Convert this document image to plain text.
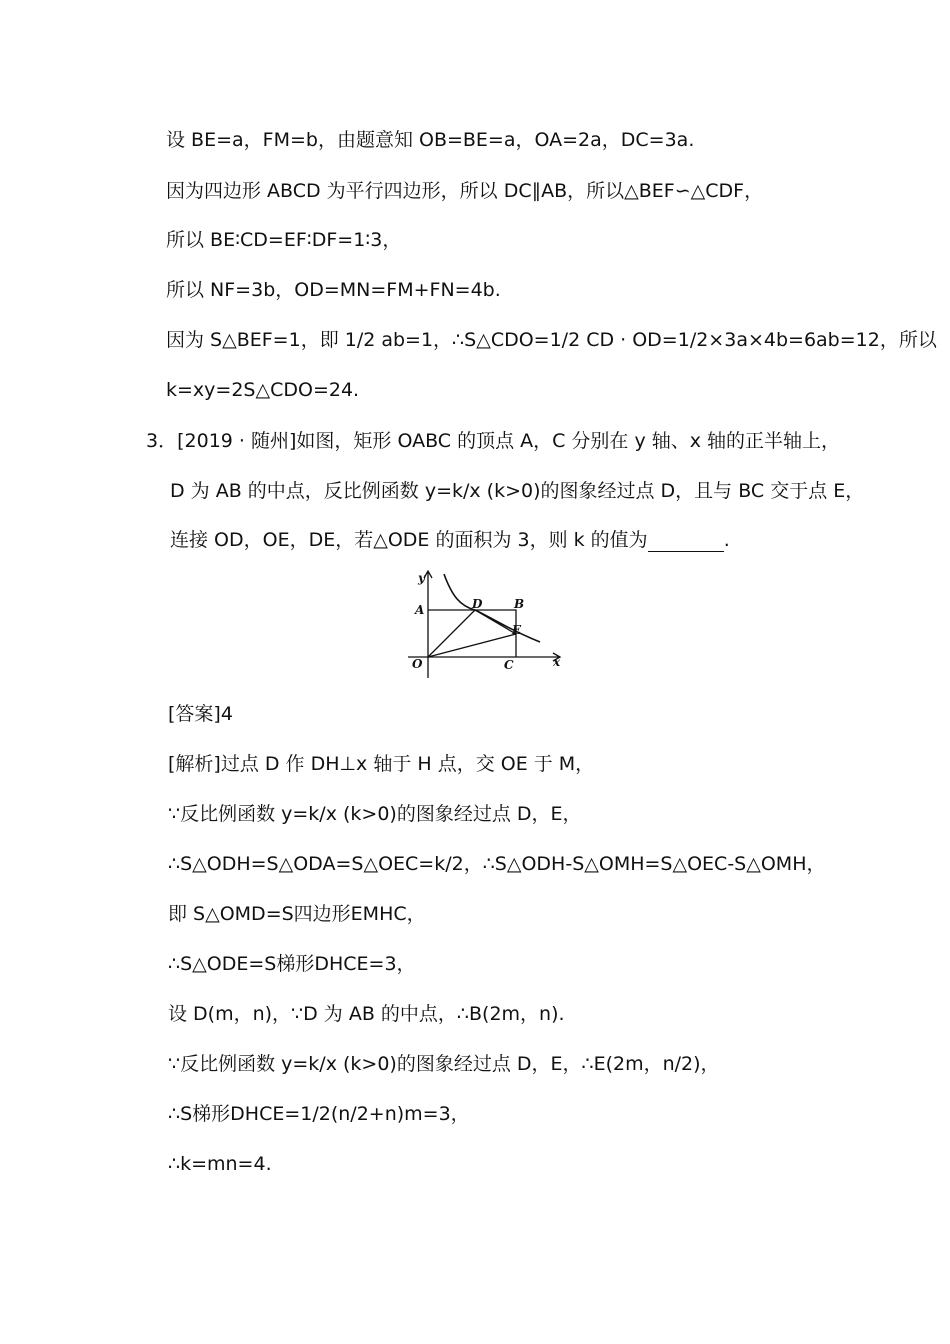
设 BE=a，FM=b，由题意知 OB=BE=a，OA=2a，DC=3a.
因为四边形 ABCD 为平行四边形，所以 DC∥AB，所以△BEF∽△CDF，
所以 BE∶CD=EF∶DF=1∶3，
所以 NF=3b，OD=MN=FM+FN=4b.
因为 S△BEF=1，即 1/2 ab=1，∴S△CDO=1/2 CD · OD=1/2×3a×4b=6ab=12，所以
k=xy=2S△CDO=24.
3．[2019 · 随州]如图，矩形 OABC 的顶点 A，C 分别在 y 轴、x 轴的正半轴上，
D 为 AB 的中点，反比例函数 y=k/x (k>0)的图象经过点 D，且与 BC 交于点 E，
连接 OD，OE，DE，若△ODE 的面积为 3，则 k 的值为	.
y
A	D	B
E
O	C	x
[答案]4
[解析]过点 D 作 DH⊥x 轴于 H 点，交 OE 于 M，
∵反比例函数 y=k/x (k>0)的图象经过点 D，E，
∴S△ODH=S△ODA=S△OEC=k/2，∴S△ODH-S△OMH=S△OEC-S△OMH，
即 S△OMD=S四边形EMHC，
∴S△ODE=S梯形DHCE=3，
设 D(m，n)，∵D 为 AB 的中点，∴B(2m，n).
∵反比例函数 y=k/x (k>0)的图象经过点 D，E，∴E(2m，n/2)，
∴S梯形DHCE=1/2(n/2+n)m=3，
∴k=mn=4.
